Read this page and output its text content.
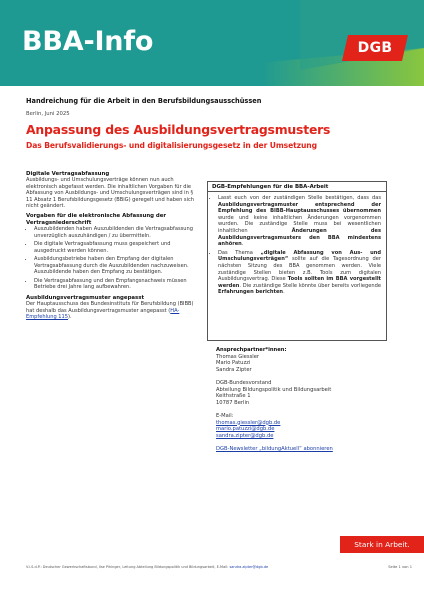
BBA-Info	DGB
Handreichung für die Arbeit in den Berufsbildungsausschüssen
Berlin, Juni 2025
Anpassung des Ausbildungsvertragsmusters
Das Berufsvalidierungs- und digitalisierungsgesetz in der Umsetzung
Digitale Vertragsabfassung

Ausbildungs- und Umschulungsverträge können nun auch elektronisch abgefasst werden. Die inhaltlichen Vorgaben für die Abfassung von Ausbildungs- und Umschulungsverträgen sind in § 11 Absatz 1 Berufsbildungsgesetz (BBiG) geregelt und haben sich nicht geändert.

Vorgaben für die elektronische Abfassung der Vertragsniederschrift
• Auszubildenden haben Auszubildenden die Vertragsabfassung unverzüglich auszuhändigen / zu übermitteln.
• Die digitale Vertragsabfassung muss gespeichert und ausgedruckt werden können.
• Ausbildungsbetriebe haben den Empfang der digitalen Vertragsabfassung durch die Auszubildenden nachzuweisen. Auszubildende haben den Empfang zu bestätigen.
• Die Vertragsabfassung und den Empfangsnachweis müssen Betriebe drei Jahre lang aufbewahren.
Ausbildungsvertragsmuster angepasst

Der Hauptausschuss des Bundesinstituts für Berufsbildung (BIBB) hat deshalb das Ausbildungsvertragsmuster angepasst (HA-Empfehlung 115).

DGB-Empfehlungen für die BBA-Arbeit
• Lasst euch von der zuständigen Stelle bestätigen, dass das Ausbildungsvertragsmuster entsprechend der Empfehlung des BIBB-Hauptausschusses übernommen wurde und keine inhaltlichen Änderungen vorgenommen wurden. Die zuständige Stelle muss bei wesentlichen inhaltlichen Änderungen des Ausbildungsvertragsmusters den BBA mindestens anhören.
• Das Thema „digitale Abfassung von Aus- und Umschulungsverträgen“ sollte auf die Tagesordnung der nächsten Sitzung des BBA genommen werden. Viele zuständige Stellen bieten z.B. Tools zum digitalen Ausbildungsvertrag. Diese Tools sollten im BBA vorgestellt werden. Die zuständige Stelle könnte über bereits vorliegende Erfahrungen berichten.
Ansprechpartner*innen:
Thomas Giessler
Mario Patuzzi
Sandra Zipter
DGB-Bundesvorstand
Abteilung Bildungspolitik und Bildungsarbeit
Keithstraße 1
10787 Berlin
E-Mail:
thomas.giessler@dgb.de
mario.patuzzi@dgb.de
sandra.zipter@dgb.de
DGB-Newsletter „bildungAktuell“ abonnieren
Stark in Arbeit.
V.i.S.d.P.: Deutscher Gewerkschaftsbund, Ilse Pihinger, Leitung Abteilung Bildungspolitik und Bildungsarbeit, E-Mail: sandra.zipter@dgb.de	Seite 1 von 1
